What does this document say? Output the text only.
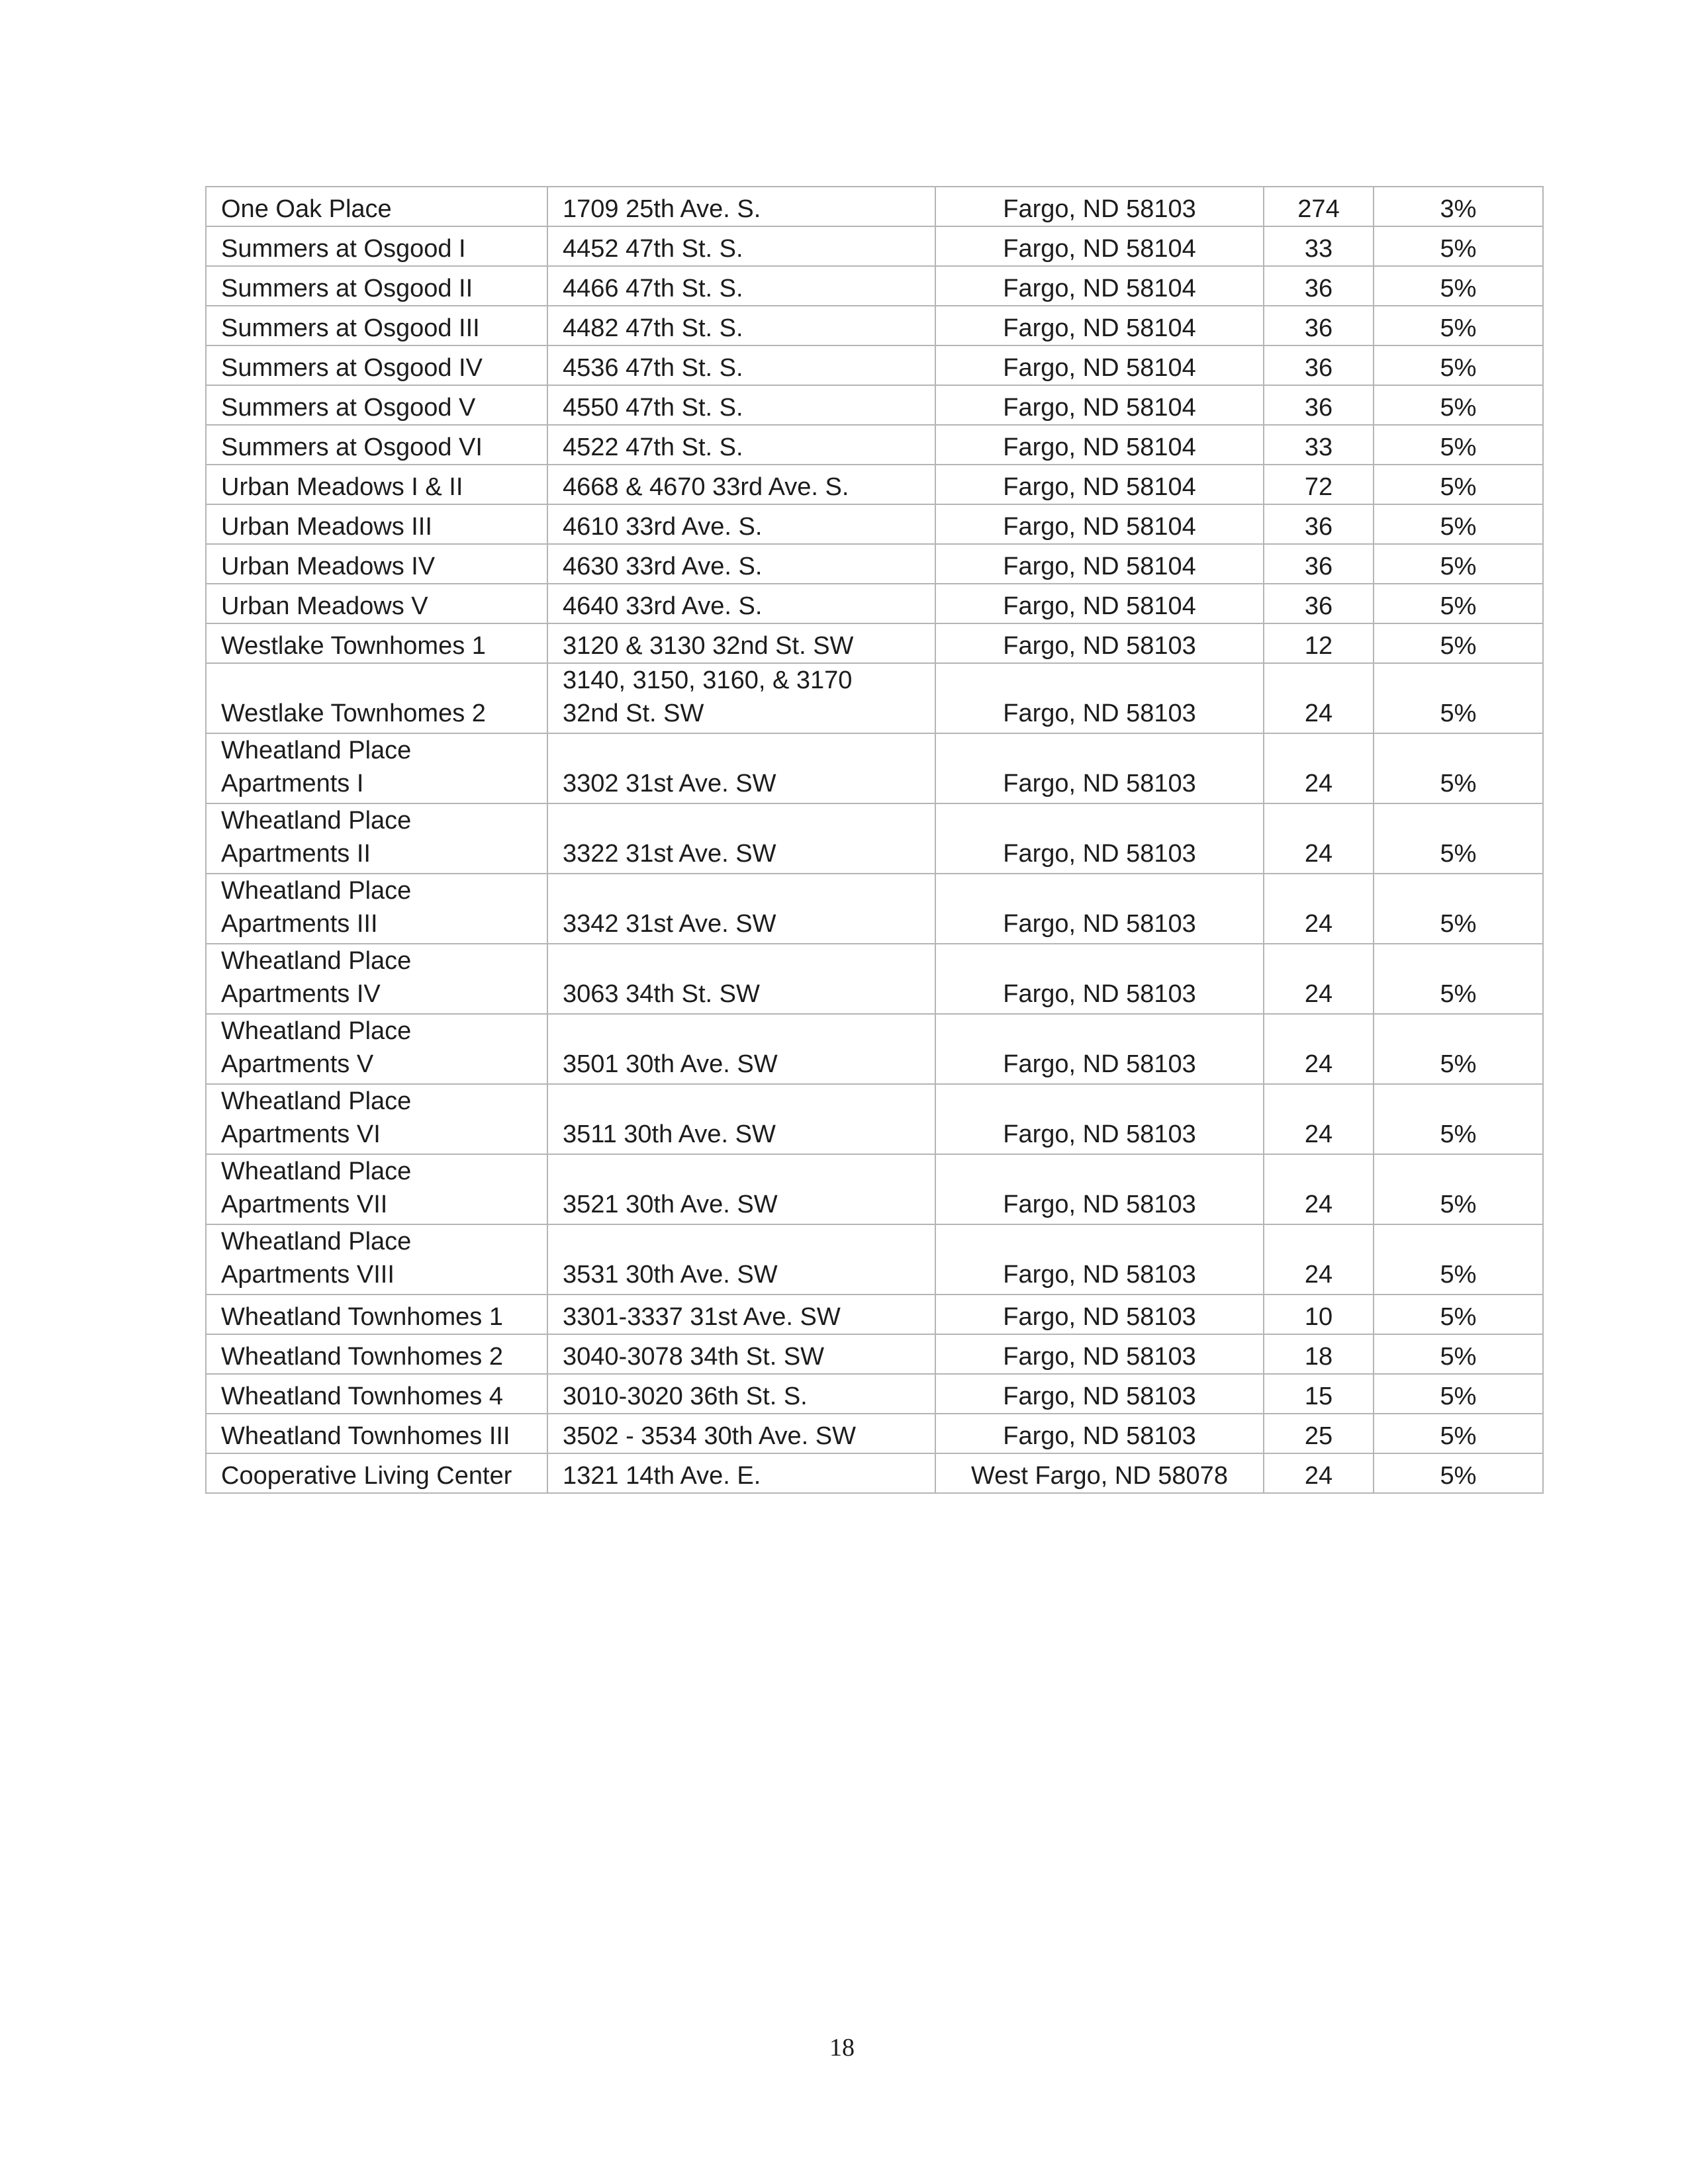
One Oak Place	1709 25th Ave. S.	Fargo, ND 58103	274	3%

Summers at Osgood I	4452 47th St. S.	Fargo, ND 58104	33	5%

Summers at Osgood II	4466 47th St. S.	Fargo, ND 58104	36	5%

Summers at Osgood III	4482 47th St. S.	Fargo, ND 58104	36	5%

Summers at Osgood IV	4536 47th St. S.	Fargo, ND 58104	36	5%

Summers at Osgood V	4550 47th St. S.	Fargo, ND 58104	36	5%

Summers at Osgood VI	4522 47th St. S.	Fargo, ND 58104	33	5%

Urban Meadows I & II	4668 & 4670 33rd Ave. S.	Fargo, ND 58104	72	5%

Urban Meadows III	4610 33rd Ave. S.	Fargo, ND 58104	36	5%

Urban Meadows IV	4630 33rd Ave. S.	Fargo, ND 58104	36	5%

Urban Meadows V	4640 33rd Ave. S.	Fargo, ND 58104	36	5%

Westlake Townhomes 1	3120 & 3130 32nd St. SW	Fargo, ND 58103	12	5%

Westlake Townhomes 2	3140, 3150, 3160, & 3170
32nd St. SW	Fargo, ND 58103	24	5%

Wheatland Place
Apartments I	3302 31st Ave. SW	Fargo, ND 58103	24	5%

Wheatland Place
Apartments II	3322 31st Ave. SW	Fargo, ND 58103	24	5%

Wheatland Place
Apartments III	3342 31st Ave. SW	Fargo, ND 58103	24	5%

Wheatland Place
Apartments IV	3063 34th St. SW	Fargo, ND 58103	24	5%

Wheatland Place
Apartments V	3501 30th Ave. SW	Fargo, ND 58103	24	5%

Wheatland Place
Apartments VI	3511 30th Ave. SW	Fargo, ND 58103	24	5%

Wheatland Place
Apartments VII	3521 30th Ave. SW	Fargo, ND 58103	24	5%

Wheatland Place
Apartments VIII	3531 30th Ave. SW	Fargo, ND 58103	24	5%

Wheatland Townhomes 1	3301-3337 31st Ave. SW	Fargo, ND 58103	10	5%

Wheatland Townhomes 2	3040-3078 34th St. SW	Fargo, ND 58103	18	5%

Wheatland Townhomes 4	3010-3020 36th St. S.	Fargo, ND 58103	15	5%

Wheatland Townhomes III	3502 - 3534 30th Ave. SW	Fargo, ND 58103	25	5%

Cooperative Living Center	1321 14th Ave. E.	West Fargo, ND 58078	24	5%
18
